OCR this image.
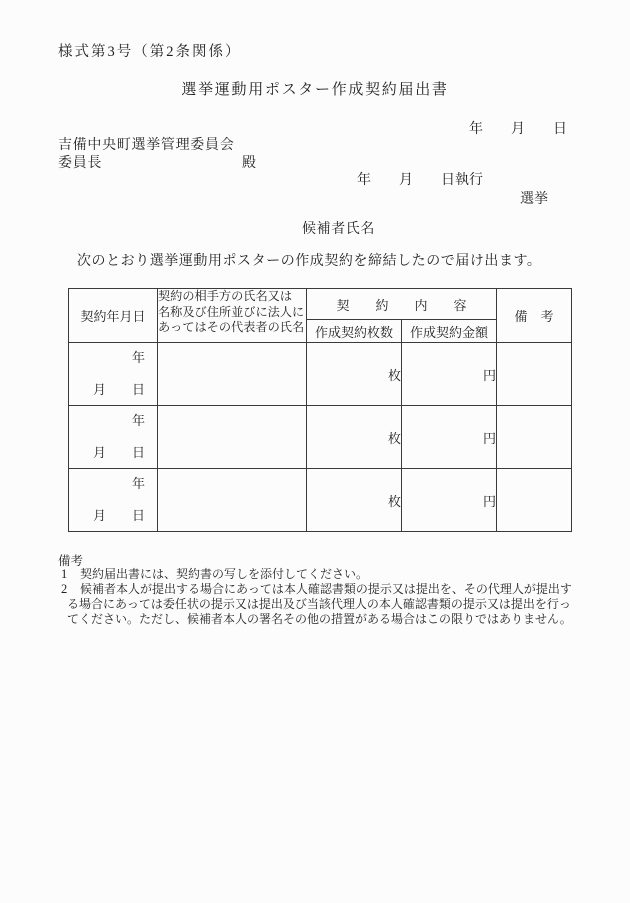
様式第3号（第2条関係）
選挙運動用ポスター作成契約届出書
年　　月　　日
吉備中央町選挙管理委員会
委員長	殿
年　　月　　日執行
選挙
候補者氏名
次のとおり選挙運動用ポスターの作成契約を締結したので届け出ます。
契約年月日	契約の相手方の氏名又は
名称及び住所並びに法人に
あってはその代表者の氏名	契　　約　　内　　容		備　考
		作成契約枚数	作成契約金額	

年
月　　日		枚	円	

年
月　　日		枚	円	

年
月　　日		枚	円	
備考
1 契約届出書には、契約書の写しを添付してください。
2 候補者本人が提出する場合にあっては本人確認書類の提示又は提出を、その代理人が提出す
る場合にあっては委任状の提示又は提出及び当該代理人の本人確認書類の提示又は提出を行っ
てください。ただし、候補者本人の署名その他の措置がある場合はこの限りではありません。
